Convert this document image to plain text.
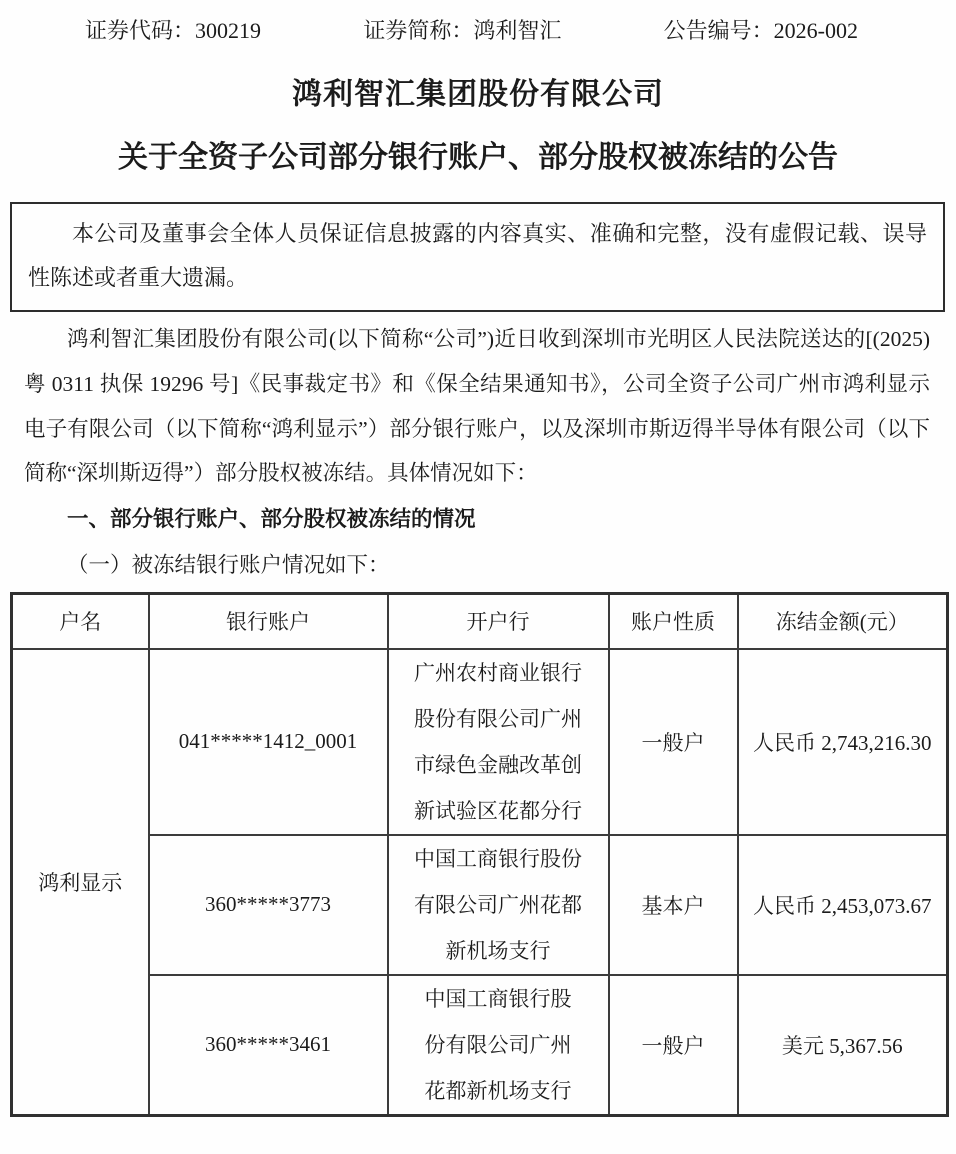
证券代码：300219	证券简称：鸿利智汇	公告编号：2026-002
鸿利智汇集团股份有限公司
关于全资子公司部分银行账户、部分股权被冻结的公告

本公司及董事会全体人员保证信息披露的内容真实、准确和完整，没有虚假记载、误导性陈述或者重大遗漏。

鸿利智汇集团股份有限公司(以下简称“公司”)近日收到深圳市光明区人民法院送达的[(2025)粤 0311 执保 19296 号]《民事裁定书》和《保全结果通知书》，公司全资子公司广州市鸿利显示电子有限公司（以下简称“鸿利显示”）部分银行账户，以及深圳市斯迈得半导体有限公司（以下简称“深圳斯迈得”）部分股权被冻结。具体情况如下：

一、部分银行账户、部分股权被冻结的情况
（一）被冻结银行账户情况如下：
户名	银行账户	开户行	账户性质	冻结金额(元）
鸿利显示	041*****1412_0001	广州农村商业银行股份有限公司广州市绿色金融改革创新试验区花都分行	一般户	人民币 2,743,216.30
	360*****3773	中国工商银行股份有限公司广州花都新机场支行	基本户	人民币 2,453,073.67
	360*****3461	中国工商银行股份有限公司广州花都新机场支行	一般户	美元 5,367.56
